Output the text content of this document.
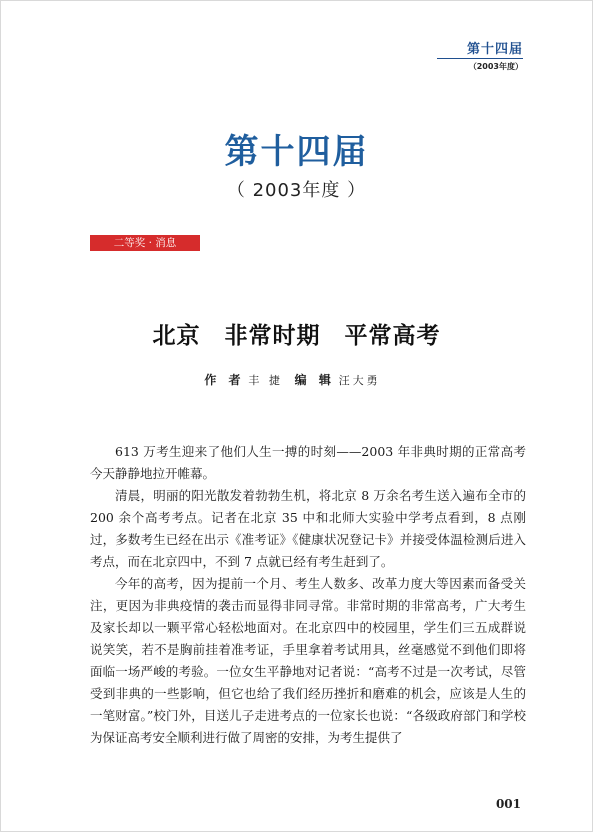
第十四届
（2003年度）
第十四届
（ 2003年度 ）
二等奖 · 消息
北京　非常时期　平常高考
作 者 丰 捷 编 辑 汪大勇

613 万考生迎来了他们人生一搏的时刻——2003 年非典时期的正常高考今天静静地拉开帷幕。

清晨，明丽的阳光散发着勃勃生机，将北京 8 万余名考生送入遍布全市的 200 余个高考考点。记者在北京 35 中和北师大实验中学考点看到，8 点刚过，多数考生已经在出示《准考证》《健康状况登记卡》并接受体温检测后进入考点，而在北京四中，不到 7 点就已经有考生赶到了。

今年的高考，因为提前一个月、考生人数多、改革力度大等因素而备受关注，更因为非典疫情的袭击而显得非同寻常。非常时期的非常高考，广大考生及家长却以一颗平常心轻松地面对。在北京四中的校园里，学生们三五成群说说笑笑，若不是胸前挂着准考证，手里拿着考试用具，丝毫感觉不到他们即将面临一场严峻的考验。一位女生平静地对记者说：“高考不过是一次考试，尽管受到非典的一些影响，但它也给了我们经历挫折和磨难的机会，应该是人生的一笔财富。”校门外，目送儿子走进考点的一位家长也说：“各级政府部门和学校为保证高考安全顺利进行做了周密的安排，为考生提供了

001
